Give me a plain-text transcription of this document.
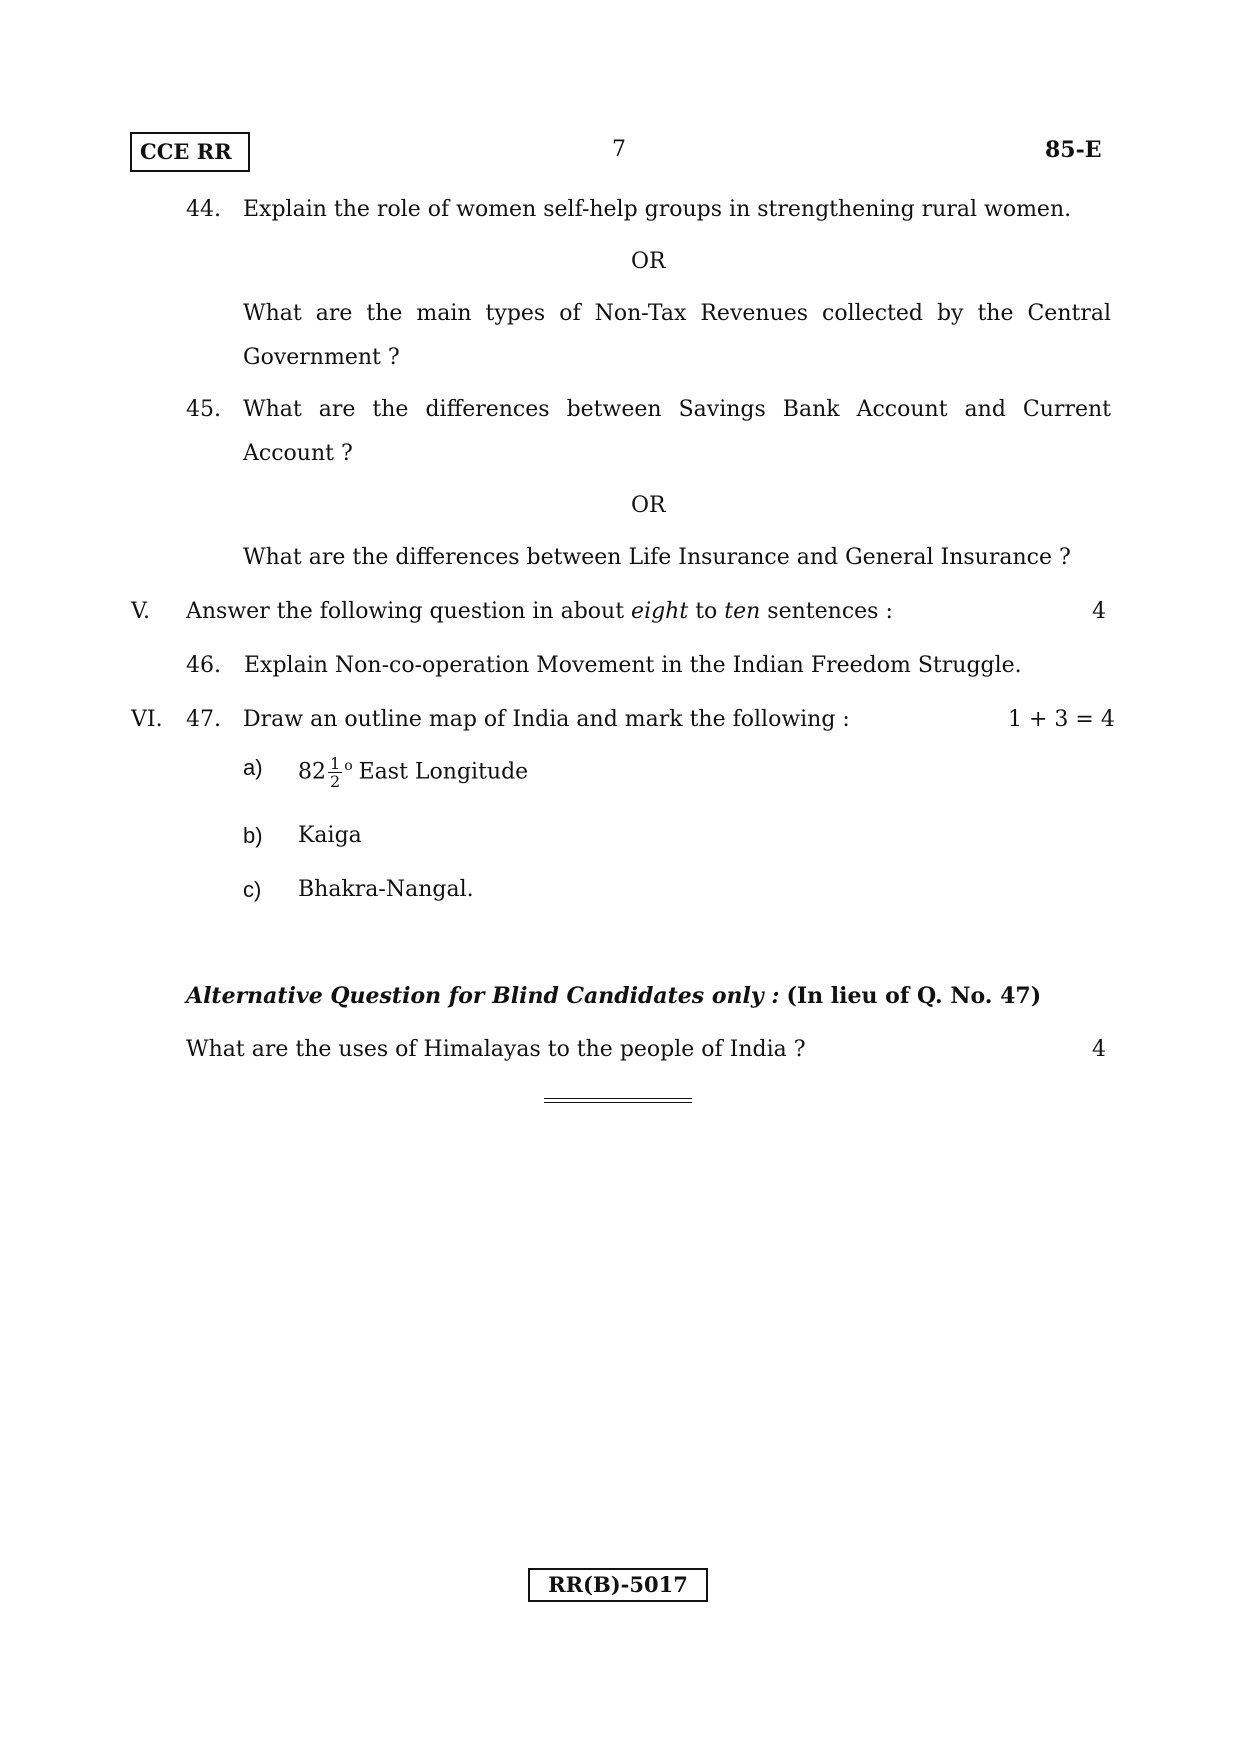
CCE RR	7	85-E
44. Explain the role of women self-help groups in strengthening rural women.
OR
What are the main types of Non-Tax Revenues collected by the Central
Government ?
45. What are the differences between Savings Bank Account and Current
Account ?
OR
What are the differences between Life Insurance and General Insurance ?
V. Answer the following question in about eight to ten sentences :	4
46. Explain Non-co-operation Movement in the Indian Freedom Struggle.
VI. 47. Draw an outline map of India and mark the following :	1 + 3 = 4
a) $82 \frac{1}{2} ^o$ East Longitude
b) Kaiga
c) Bhakra-Nangal.
Alternative Question for Blind Candidates only : (In lieu of Q. No. 47)
What are the uses of Himalayas to the people of India ?	4
RR(B)-5017
